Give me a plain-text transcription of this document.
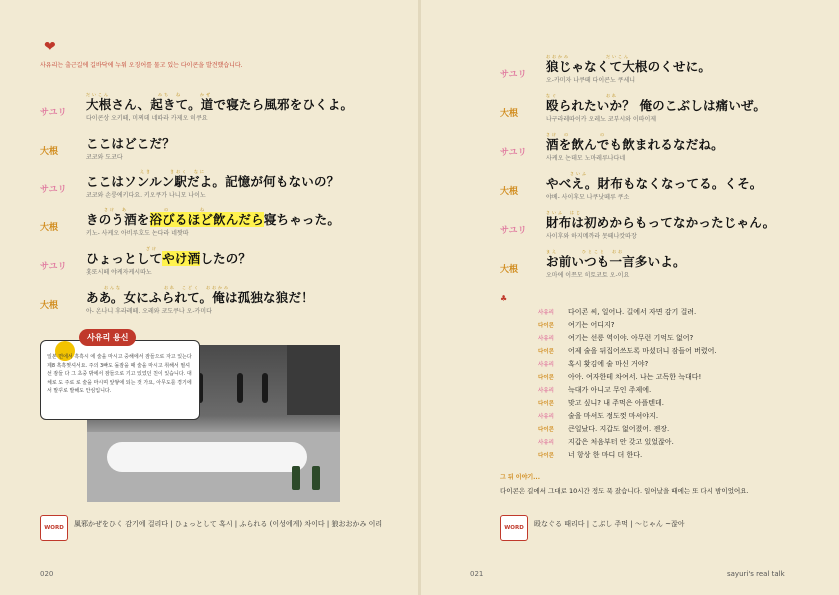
❤
사유리는 출근길에 길바닥에 누워 오징어를 물고 있는 다이콘을 발견했습니다.
サユリ
だいこん　　　　　　　　みち　ね　　　かぜ
大根さん、起きて。道で寝たら風邪をひくよ。
다이콘상 오키떼, 미찌데 네따라 카제오 히쿠요
大根
ここはどこだ？
코코와 도코다
サユリ
　　　　　　　　　えき　　　きおく　なに
ここはソンルン駅だよ。記憶が何もないの？
코코와 손룽에키다요. 키오쿠가 나니모 나이노
大根
　　　さけ　あ　　　　　　の　　　　　ね
きのう酒を浴びるほど飲んだら寝ちゃった。
키노- 사케오 아비루호도 논다라 네짯따
サユリ
　　　　　　　　　　ざけ
ひょっとしてやけ酒したの？
홋또시떼 야케자케시따노
大根
　　　おんな　　　　　　　おれ　こどく　おおかみ
ああ。女にふられて。俺は孤独な狼だ！
아- 온나니 후라레떼. 오레와 코도쿠나 오-카미다
사유리 용신
일본 면에서 흑흑시 에 술을 마시고 중해에서 잠들으로 자고 있는다 제8 흑흑찢셔서요. 주의 3빠도 돌잠을 때 술을 마시고 취해서 필셔 선 잠들 다 그 초중 밖에서 잠들으로 기고 있었던 친이 있습니다. 대체로 도 주로 로 술을 마시며 앞쌓에 되는 것 가요, 아무도를 경기에서 말꾸로 발해도 안심입니다.
WORD	風邪かぜをひく 감기에 걸리다 | ひょっとして 혹시 | ふられる (이성에게) 차이다 | 狼おおかみ 이리
020
サユリ
おおかみ　　　　　　だいこん
狼じゃなくて大根のくせに。
오-카미자 나쿠떼 다이콘노 쿠세니
大根
なぐ　　　　　　　　おれ
殴られたいか？ 俺のこぶしは痛いぜ。
나구라레따이카 오레노 코부시와 이따이제
サユリ
さけ　の　　　　　の
酒を飲んでも飲まれるなだね。
사케오 논데모 노마레루나다네
大根
　　　　さいふ
やべえ。財布もなくなってる。くそ。
야베- 사이후모 나쿠낫떼루 쿠소
サユリ
さいふ　はじ
財布は初めからもってなかったじゃん。
사이후와 하지메까라 못떼나캇따장
大根
まえ　　　　ひとこと　おお
お前いつも一言多いよ。
오마에 이쯔모 히토코토 오-이요
♣
사유리 다이콘 씨, 일어나. 길에서 자면 감기 걸려.
다이콘 여기는 어디지?
사유리 여기는 선릉 역이야. 아무런 기억도 없어?
다이콘 어제 술을 뒤집어쓰도록 마셨더니 잠들어 버렸어.
사유리 혹시 홧김에 술 마신 거야?
다이콘 아아. 여자한테 차여서. 나는 고독한 늑대다!
사유리 늑대가 아니고 무인 주제에.
다이콘 맞고 싶니? 내 주먹은 아플텐데.
사유리 술을 마셔도 정도껏 마셔야지.
다이콘 큰일났다. 지갑도 없어졌어. 젠장.
사유리 지갑은 처음부터 안 갖고 있었잖아.
다이콘 너 항상 한 마디 더 한다.
그 뒤 이야기...
다이콘은 길에서 그대로 10시간 정도 푹 잤습니다. 일어났을 때에는 또 다시 밤이었어요.
WORD	殴なぐる 때리다 | こぶし 주먹 | ～じゃん ~잖아
021	sayuri's real talk
